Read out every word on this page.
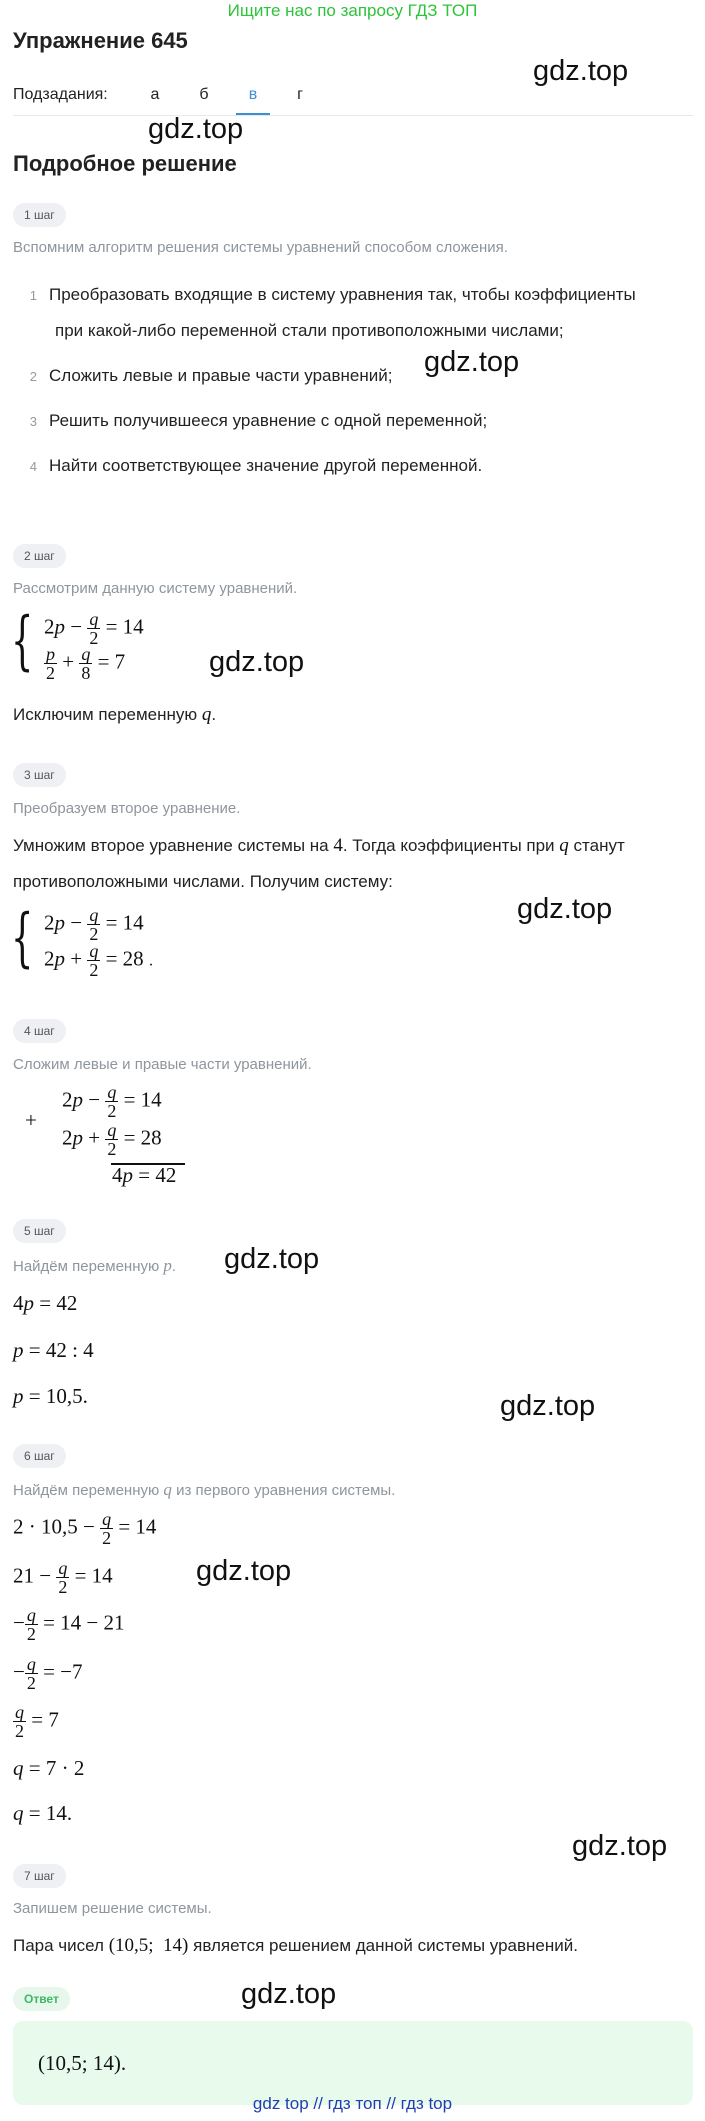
Ищите нас по запросу ГДЗ ТОП
Упражнение 645
gdz.top
Подзадания:	а	б	в	г
gdz.top
Подробное решение
1 шаг
Вспомним алгоритм решения системы уравнений способом сложения.
1 Преобразовать входящие в систему уравнения так, чтобы коэффициенты
при какой-либо переменной стали противоположными числами;
2 Сложить левые и правые части уравнений; gdz.top
3 Решить получившееся уравнение с одной переменной;
4 Найти соответствующее значение другой переменной.
2 шаг
Рассмотрим данную систему уравнений.
{ $2p - \frac{q}{2} = 14$
$\frac{p}{2} + \frac{q}{8} = 7$	gdz.top
Исключим переменную q.
3 шаг
Преобразуем второе уравнение.
Умножим второе уравнение системы на 4. Тогда коэффициенты при q станут
противоположными числами. Получим систему:
gdz.top
{ $2p - \frac{q}{2} = 14$
$2p + \frac{q}{2} = 28$ .
4 шаг
Сложим левые и правые части уравнений.
+
$2p - \frac{q}{2} = 14$
$2p + \frac{q}{2} = 28$
4p = 42
5 шаг
Найдём переменную p. gdz.top
4p = 42
p = 42 : 4
p = 10,5.	gdz.top
6 шаг
Найдём переменную q из первого уравнения системы.
$2 \cdot 10,5 - \frac{q}{2} = 14$
$21 - \frac{q}{2} = 14$	gdz.top
− $\frac{q}{2} = 14 - 21$
− $\frac{q}{2} = -7$
$\frac{q}{2} = 7$
q = 7 · 2
q = 14.
gdz.top
7 шаг
Запишем решение системы.
Пара чисел (10,5;  14) является решением данной системы уравнений.
Ответ	gdz.top
(10,5; 14).
gdz top // гдз топ // гдз top
